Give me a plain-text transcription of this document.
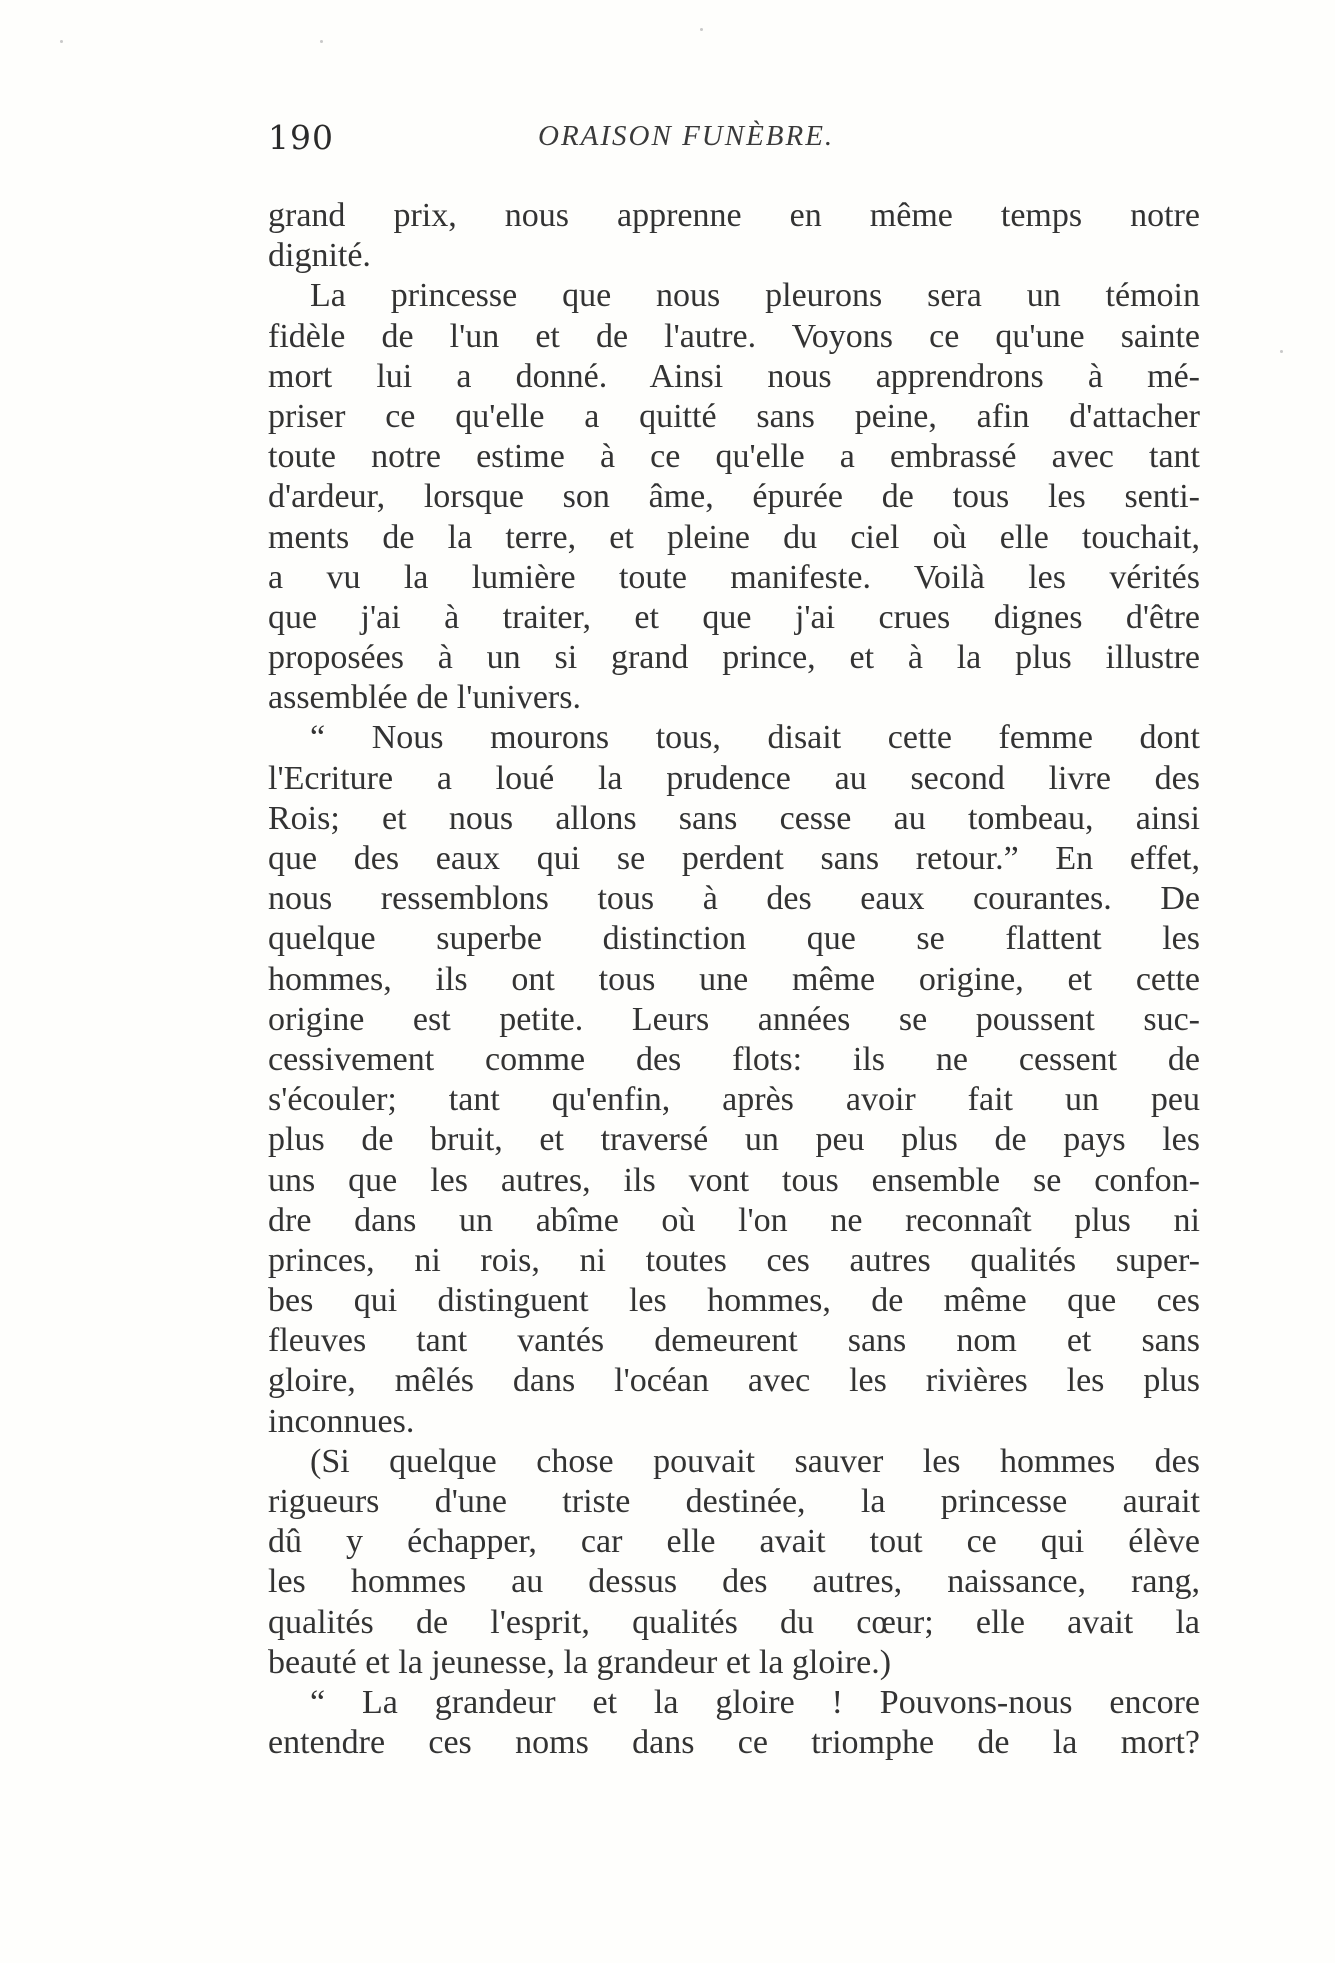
190	ORAISON FUNÈBRE.
grand prix, nous apprenne en même temps notre
dignité.
La princesse que nous pleurons sera un témoin
fidèle de l'un et de l'autre. Voyons ce qu'une sainte
mort lui a donné. Ainsi nous apprendrons à mé-
priser ce qu'elle a quitté sans peine, afin d'attacher
toute notre estime à ce qu'elle a embrassé avec tant
d'ardeur, lorsque son âme, épurée de tous les senti-
ments de la terre, et pleine du ciel où elle touchait,
a vu la lumière toute manifeste. Voilà les vérités
que j'ai à traiter, et que j'ai crues dignes d'être
proposées à un si grand prince, et à la plus illustre
assemblée de l'univers.
“ Nous mourons tous, disait cette femme dont
l'Ecriture a loué la prudence au second livre des
Rois; et nous allons sans cesse au tombeau, ainsi
que des eaux qui se perdent sans retour.” En effet,
nous ressemblons tous à des eaux courantes. De
quelque superbe distinction que se flattent les
hommes, ils ont tous une même origine, et cette
origine est petite. Leurs années se poussent suc-
cessivement comme des flots: ils ne cessent de
s'écouler; tant qu'enfin, après avoir fait un peu
plus de bruit, et traversé un peu plus de pays les
uns que les autres, ils vont tous ensemble se confon-
dre dans un abîme où l'on ne reconnaît plus ni
princes, ni rois, ni toutes ces autres qualités super-
bes qui distinguent les hommes, de même que ces
fleuves tant vantés demeurent sans nom et sans
gloire, mêlés dans l'océan avec les rivières les plus
inconnues.
(Si quelque chose pouvait sauver les hommes des
rigueurs d'une triste destinée, la princesse aurait
dû y échapper, car elle avait tout ce qui élève
les hommes au dessus des autres, naissance, rang,
qualités de l'esprit, qualités du cœur; elle avait la
beauté et la jeunesse, la grandeur et la gloire.)
“ La grandeur et la gloire ! Pouvons-nous encore
entendre ces noms dans ce triomphe de la mort?
